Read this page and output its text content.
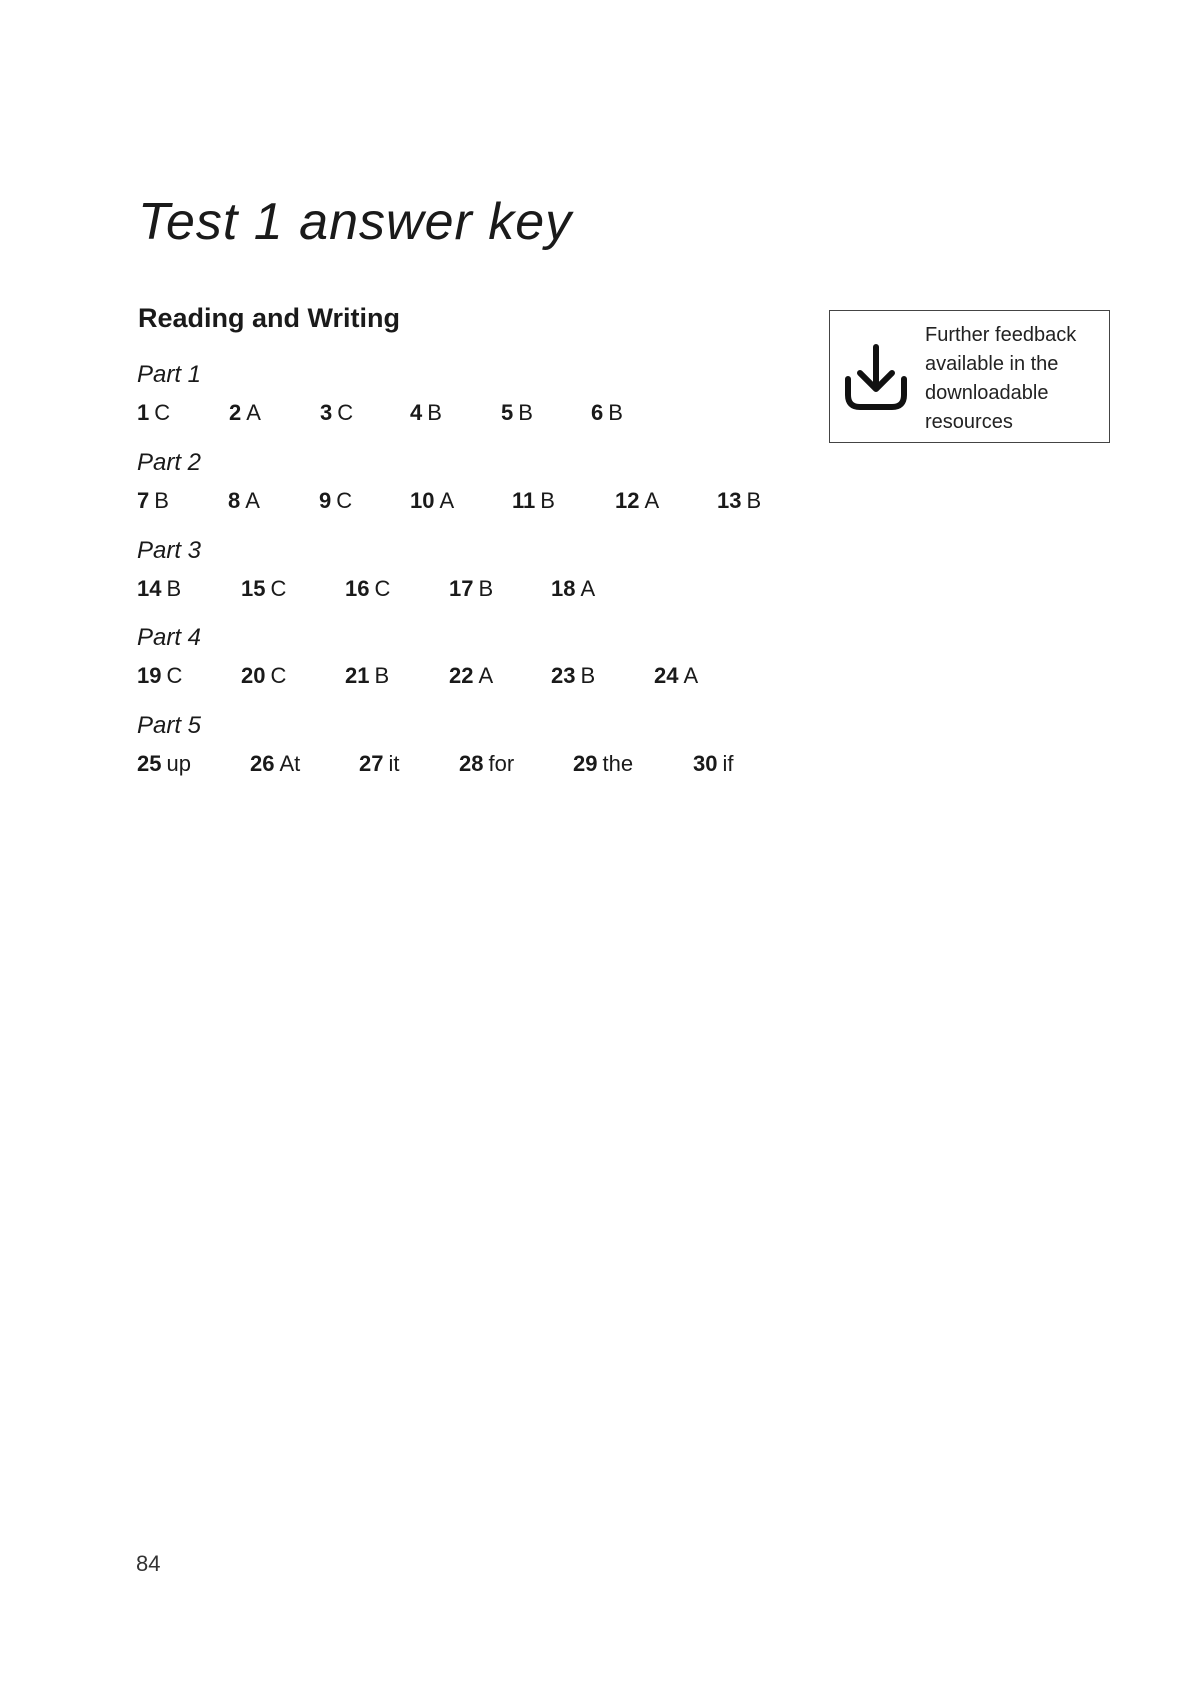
Test 1 answer key
Reading and Writing
Part 1
1 C	2 A	3 C	4 B	5 B	6 B
Part 2
7 B	8 A	9 C	10 A	11 B	12 A	13 B
Part 3
14 B	15 C	16 C	17 B	18 A
Part 4
19 C	20 C	21 B	22 A	23 B	24 A
Part 5
25 up	26 At	27 it	28 for	29 the	30 if
Further feedback
available in the
downloadable
resources
84
